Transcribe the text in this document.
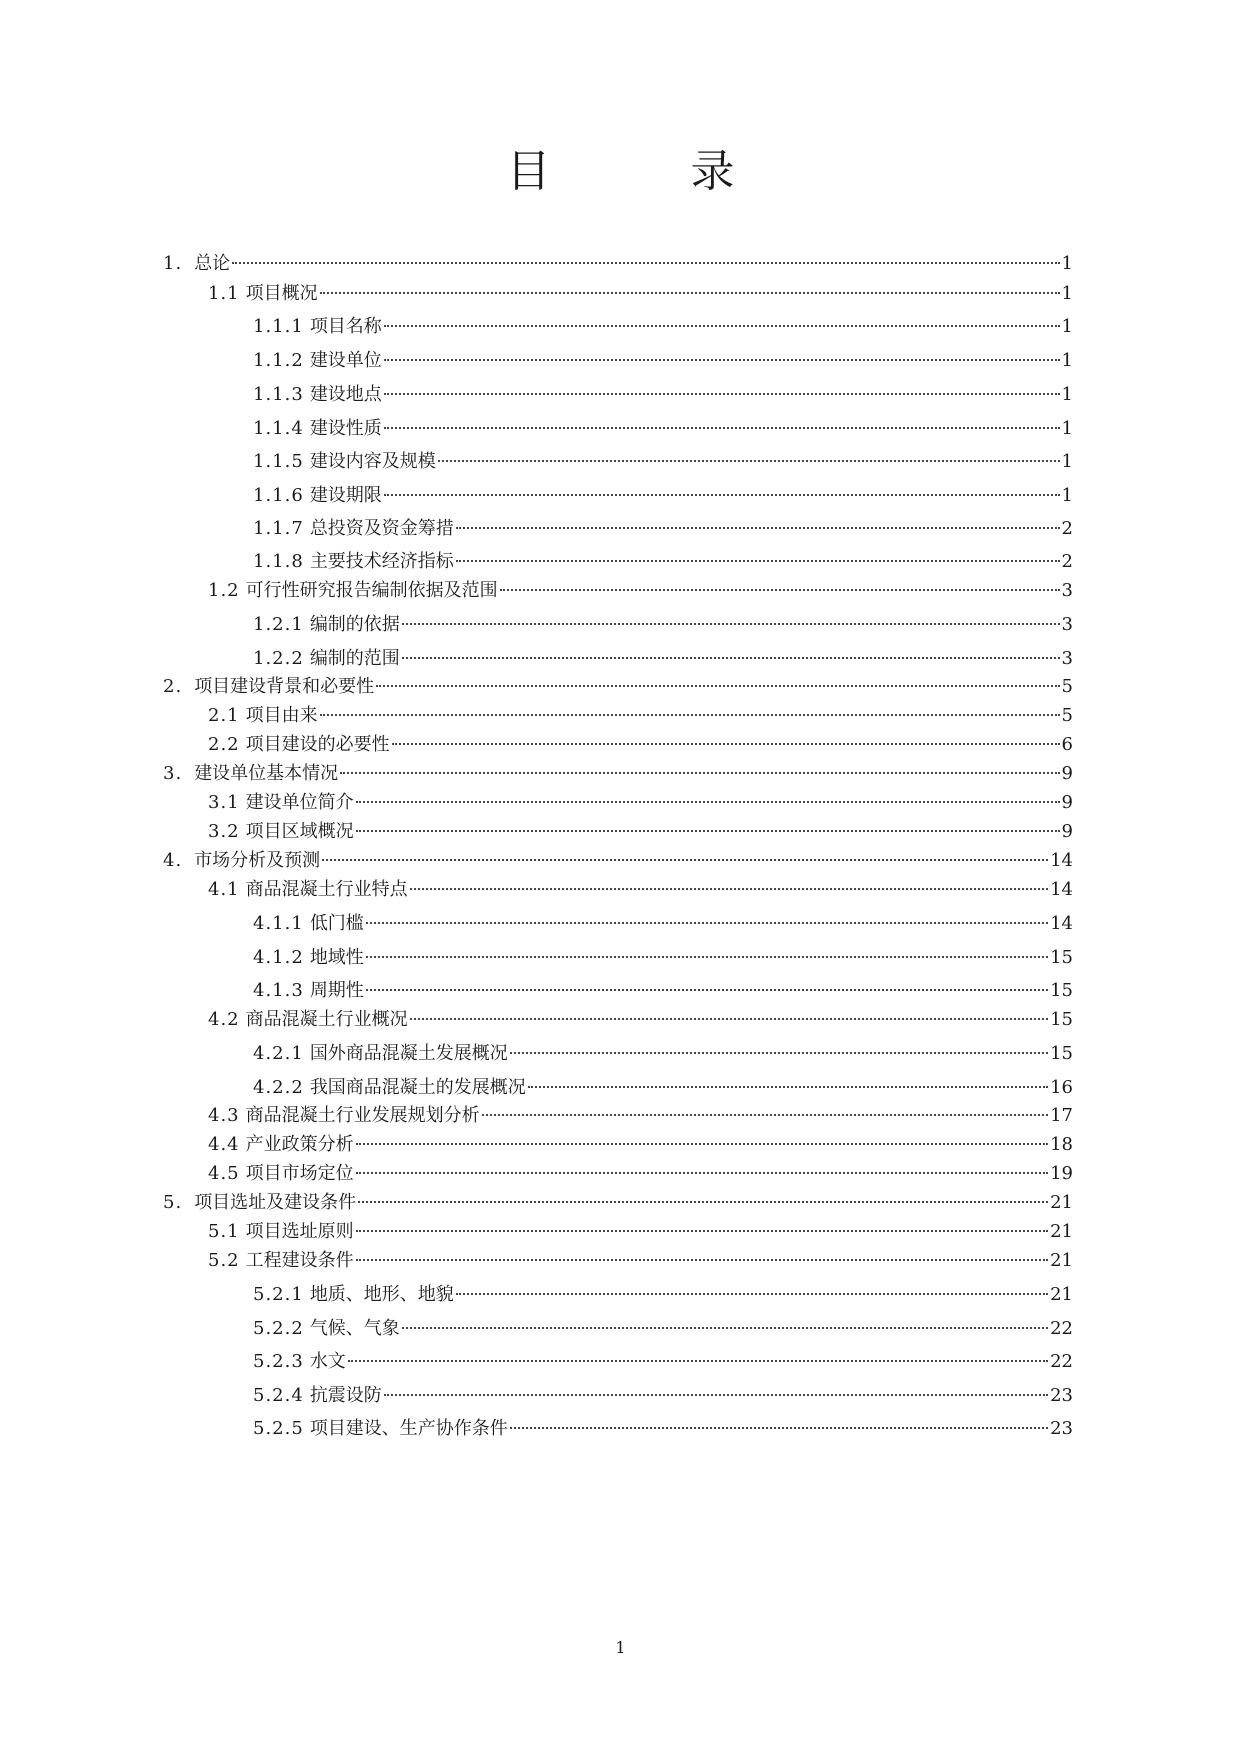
目　录
1. 总论	1
1.1 项目概况	1
1.1.1 项目名称	1
1.1.2 建设单位	1
1.1.3 建设地点	1
1.1.4 建设性质	1
1.1.5 建设内容及规模	1
1.1.6 建设期限	1
1.1.7 总投资及资金筹措	2
1.1.8 主要技术经济指标	2
1.2 可行性研究报告编制依据及范围	3
1.2.1 编制的依据	3
1.2.2 编制的范围	3
2. 项目建设背景和必要性	5
2.1 项目由来	5
2.2 项目建设的必要性	6
3. 建设单位基本情况	9
3.1 建设单位简介	9
3.2 项目区域概况	9
4. 市场分析及预测	14
4.1 商品混凝土行业特点	14
4.1.1 低门槛	14
4.1.2 地域性	15
4.1.3 周期性	15
4.2 商品混凝土行业概况	15
4.2.1 国外商品混凝土发展概况	15
4.2.2 我国商品混凝土的发展概况	16
4.3 商品混凝土行业发展规划分析	17
4.4 产业政策分析	18
4.5 项目市场定位	19
5. 项目选址及建设条件	21
5.1 项目选址原则	21
5.2 工程建设条件	21
5.2.1 地质、地形、地貌	21
5.2.2 气候、气象	22
5.2.3 水文	22
5.2.4 抗震设防	23
5.2.5 项目建设、生产协作条件	23
1
